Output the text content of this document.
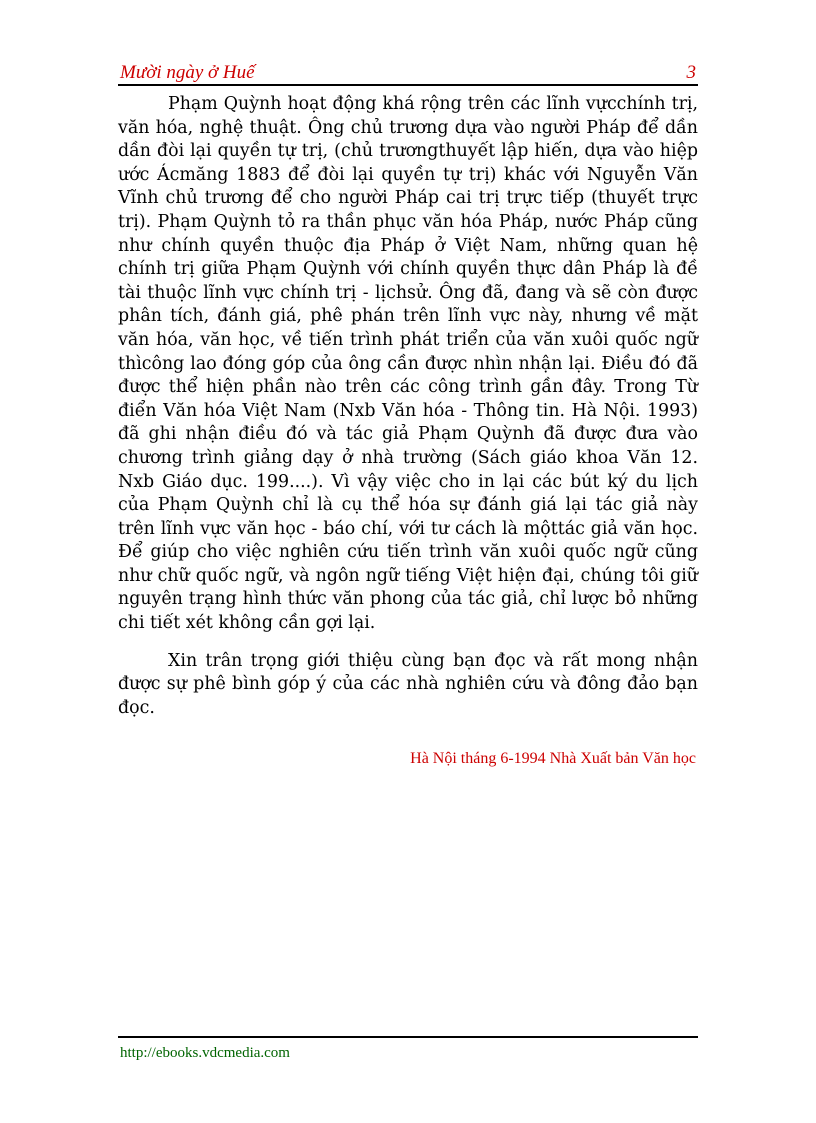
Mười ngày ở Huế	3

Phạm Quỳnh hoạt động khá rộng trên các lĩnh vựcchính trị, văn hóa, nghệ thuật. Ông chủ trương dựa vào người Pháp để dần dần đòi lại quyền tự trị, (chủ trươngthuyết lập hiến, dựa vào hiệp ước Ácmăng 1883 để đòi lại quyền tự trị) khác với Nguyễn Văn Vĩnh chủ trương để cho người Pháp cai trị trực tiếp (thuyết trực trị). Phạm Quỳnh tỏ ra thần phục văn hóa Pháp, nước Pháp cũng như chính quyền thuộc địa Pháp ở Việt Nam, những quan hệ chính trị giữa Phạm Quỳnh với chính quyền thực dân Pháp là đề tài thuộc lĩnh vực chính trị - lịchsử. Ông đã, đang và sẽ còn được phân tích, đánh giá, phê phán trên lĩnh vực này, nhưng về mặt văn hóa, văn học, về tiến trình phát triển của văn xuôi quốc ngữ thìcông lao đóng góp của ông cần được nhìn nhận lại. Điều đó đã được thể hiện phần nào trên các công trình gần đây. Trong Từ điển Văn hóa Việt Nam (Nxb Văn hóa - Thông tin. Hà Nội. 1993) đã ghi nhận điều đó và tác giả Phạm Quỳnh đã được đưa vào chương trình giảng dạy ở nhà trường (Sách giáo khoa Văn 12. Nxb Giáo dục. 199....). Vì vậy việc cho in lại các bút ký du lịch của Phạm Quỳnh chỉ là cụ thể hóa sự đánh giá lại tác giả này trên lĩnh vực văn học - báo chí, với tư cách là mộttác giả văn học. Để giúp cho việc nghiên cứu tiến trình văn xuôi quốc ngữ cũng như chữ quốc ngữ, và ngôn ngữ tiếng Việt hiện đại, chúng tôi giữ nguyên trạng hình thức văn phong của tác giả, chỉ lược bỏ những chi tiết xét không cần gợi lại.

Xin trân trọng giới thiệu cùng bạn đọc và rất mong nhận được sự phê bình góp ý của các nhà nghiên cứu và đông đảo bạn đọc.

Hà Nội tháng 6-1994 Nhà Xuất bản Văn học
http://ebooks.vdcmedia.com
